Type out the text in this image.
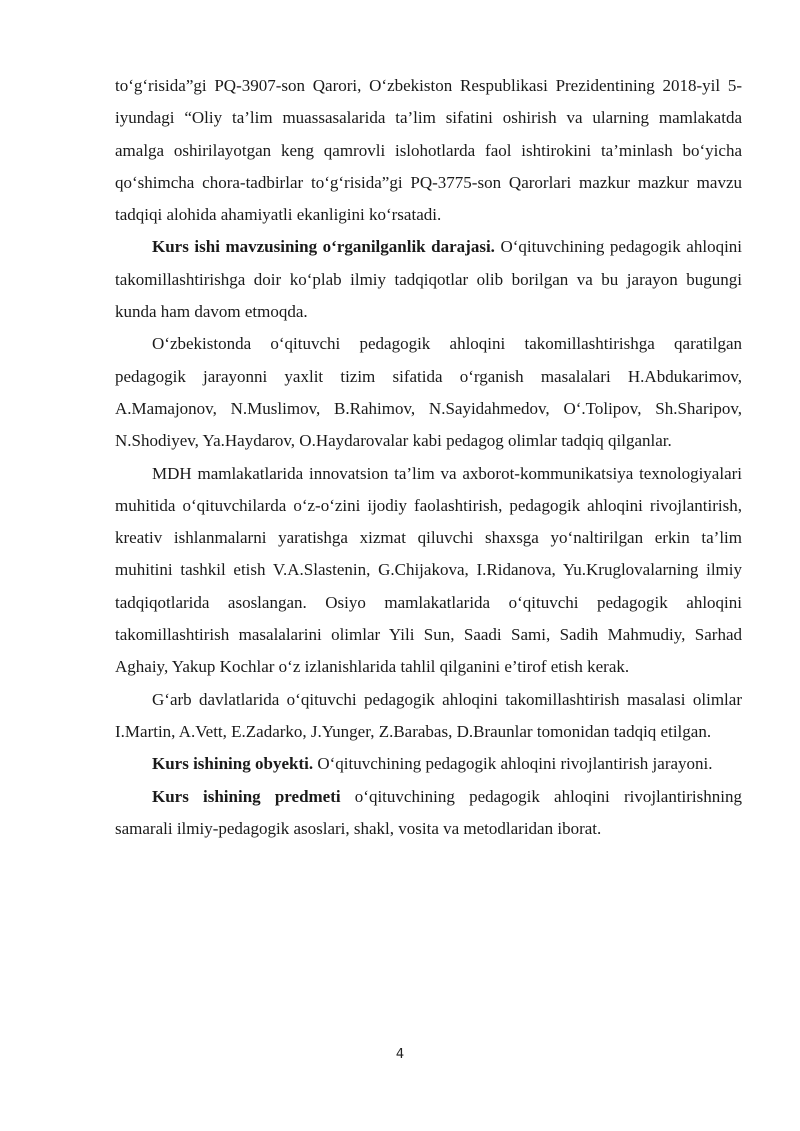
to‘g‘risida”gi PQ-3907-son Qarori, O‘zbekiston Respublikasi Prezidentining 2018-yil 5-iyundagi “Oliy ta’lim muassasalarida ta’lim sifatini oshirish va ularning mamlakatda amalga oshirilayotgan keng qamrovli islohotlarda faol ishtirokini ta’minlash bo‘yicha qo‘shimcha chora-tadbirlar to‘g‘risida”gi PQ-3775-son Qarorlari mazkur mazkur mavzu tadqiqi alohida ahamiyatli ekanligini ko‘rsatadi.

Kurs ishi mavzusining o‘rganilganlik darajasi. O‘qituvchining pedagogik ahloqini takomillashtirishga doir ko‘plab ilmiy tadqiqotlar olib borilgan va bu jarayon bugungi kunda ham davom etmoqda.

O‘zbekistonda o‘qituvchi pedagogik ahloqini takomillashtirishga qaratilgan pedagogik jarayonni yaxlit tizim sifatida o‘rganish masalalari H.Abdukarimov, A.Mamajonov, N.Muslimov, B.Rahimov, N.Sayidahmedov, O‘.Tolipov, Sh.Sharipov, N.Shodiyev, Ya.Haydarov, O.Haydarovalar kabi pedagog olimlar tadqiq qilganlar.

MDH mamlakatlarida innovatsion ta’lim va axborot-kommunikatsiya texnologiyalari muhitida o‘qituvchilarda o‘z-o‘zini ijodiy faolashtirish, pedagogik ahloqini rivojlantirish, kreativ ishlanmalarni yaratishga xizmat qiluvchi shaxsga yo‘naltirilgan erkin ta’lim muhitini tashkil etish V.A.Slastenin, G.Chijakova, I.Ridanova, Yu.Kruglovalarning ilmiy tadqiqotlarida asoslangan. Osiyo mamlakatlarida o‘qituvchi pedagogik ahloqini takomillashtirish masalalarini olimlar Yili Sun, Saadi Sami, Sadih Mahmudiy, Sarhad Aghaiy, Yakup Kochlar o‘z izlanishlarida tahlil qilganini e’tirof etish kerak.

G‘arb davlatlarida o‘qituvchi pedagogik ahloqini takomillashtirish masalasi olimlar I.Martin, A.Vett, E.Zadarko, J.Yunger, Z.Barabas, D.Braunlar tomonidan tadqiq etilgan.

Kurs ishining obyekti. O‘qituvchining pedagogik ahloqini rivojlantirish jarayoni.

Kurs ishining predmeti o‘qituvchining pedagogik ahloqini rivojlantirishning samarali ilmiy-pedagogik asoslari, shakl, vosita va metodlaridan iborat.

4
